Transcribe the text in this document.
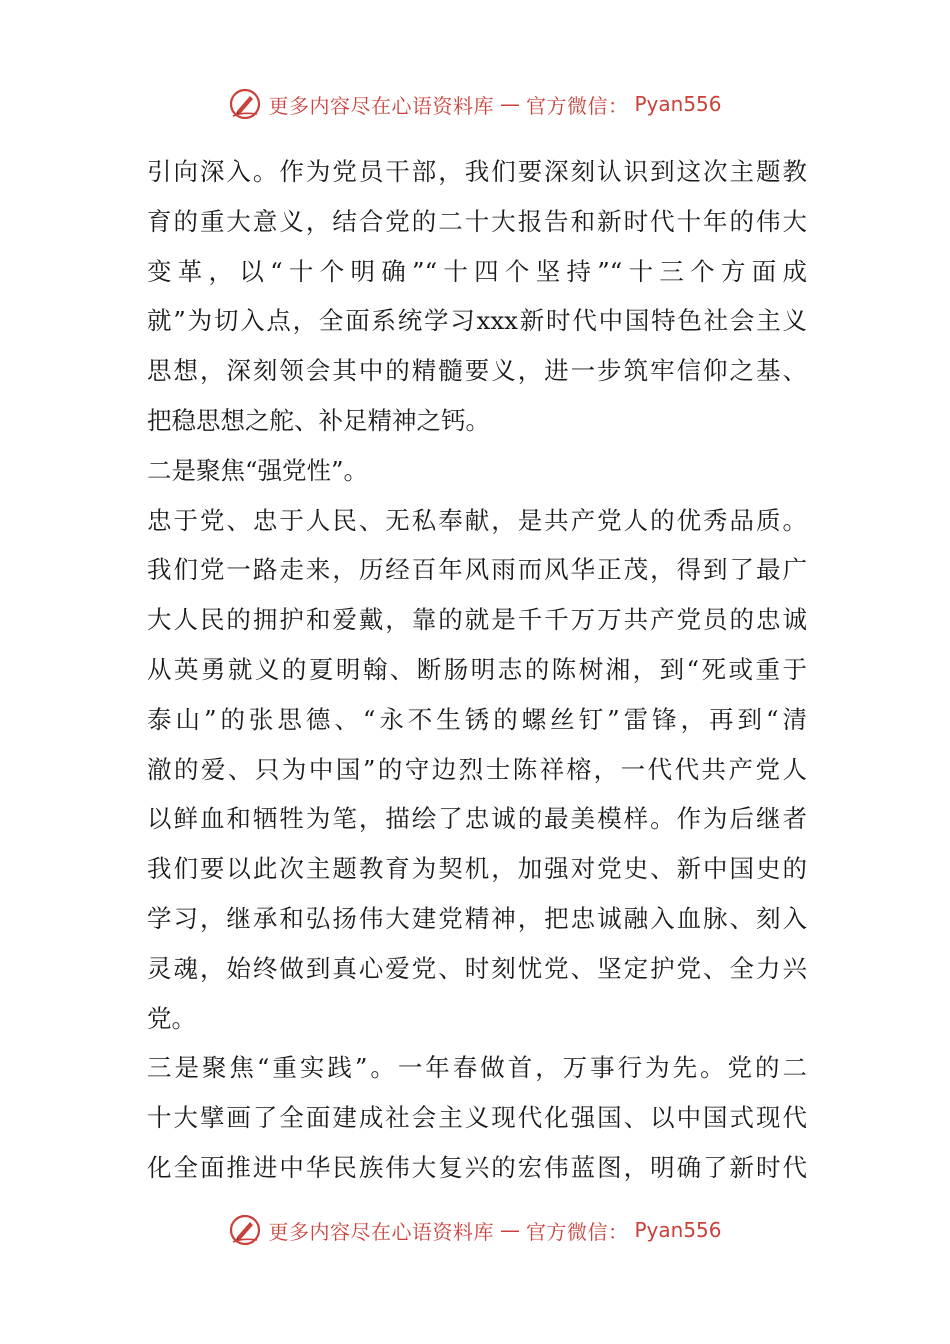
更多内容尽在心语资料库 — 官方微信： Pyan556
引向深入。作为党员干部，我们要深刻认识到这次主题教
育的重大意义，结合党的二十大报告和新时代十年的伟大
变革，以“十个明确”“十四个坚持”“十三个方面成
就”为切入点，全面系统学习xxx新时代中国特色社会主义
思想，深刻领会其中的精髓要义，进一步筑牢信仰之基、
把稳思想之舵、补足精神之钙。
二是聚焦“强党性”。
忠于党、忠于人民、无私奉献，是共产党人的优秀品质。
我们党一路走来，历经百年风雨而风华正茂，得到了最广
大人民的拥护和爱戴，靠的就是千千万万共产党员的忠诚
从英勇就义的夏明翰、断肠明志的陈树湘，到“死或重于
泰山”的张思德、“永不生锈的螺丝钉”雷锋，再到“清
澈的爱、只为中国”的守边烈士陈祥榕，一代代共产党人
以鲜血和牺牲为笔，描绘了忠诚的最美模样。作为后继者
我们要以此次主题教育为契机，加强对党史、新中国史的
学习，继承和弘扬伟大建党精神，把忠诚融入血脉、刻入
灵魂，始终做到真心爱党、时刻忧党、坚定护党、全力兴
党。
三是聚焦“重实践”。一年春做首，万事行为先。党的二
十大擘画了全面建成社会主义现代化强国、以中国式现代
化全面推进中华民族伟大复兴的宏伟蓝图，明确了新时代
更多内容尽在心语资料库 — 官方微信： Pyan556
